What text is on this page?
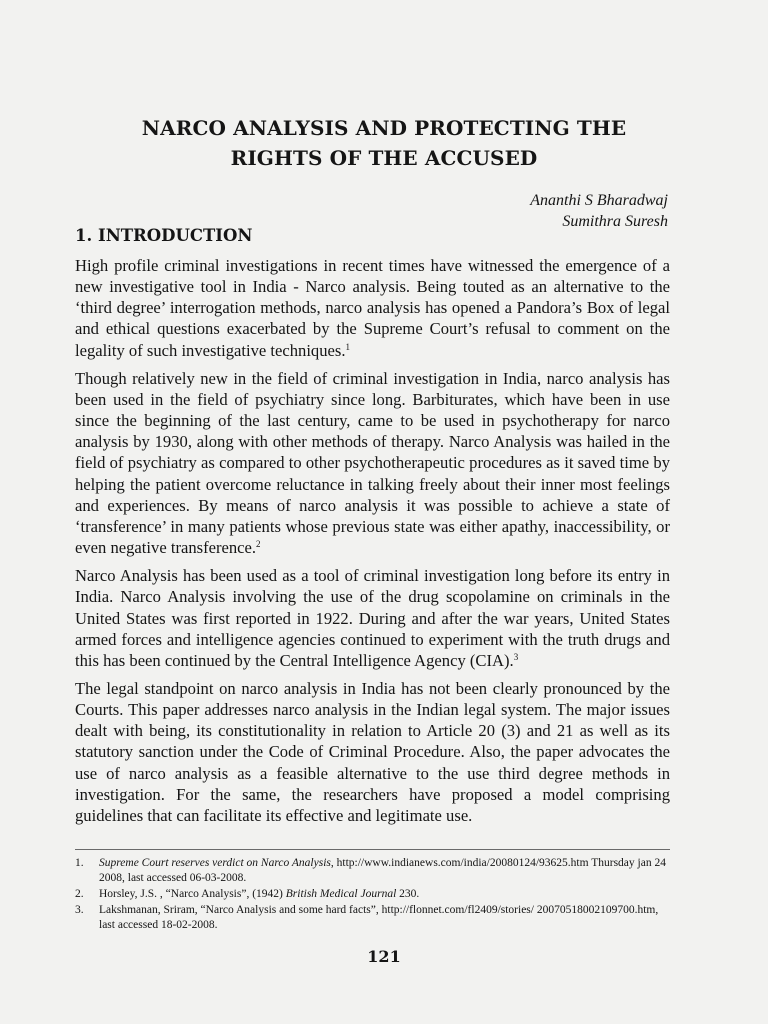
NARCO ANALYSIS AND PROTECTING THE
RIGHTS OF THE ACCUSED
Ananthi S Bharadwaj
Sumithra Suresh
1. INTRODUCTION

High profile criminal investigations in recent times have witnessed the emergence of a new investigative tool in India - Narco analysis. Being touted as an alternative to the ‘third degree’ interrogation methods, narco analysis has opened a Pandora’s Box of legal and ethical questions exacerbated by the Supreme Court’s refusal to comment on the legality of such investigative techniques.$^1$

Though relatively new in the field of criminal investigation in India, narco analysis has been used in the field of psychiatry since long. Barbiturates, which have been in use since the beginning of the last century, came to be used in psychotherapy for narco analysis by 1930, along with other methods of therapy. Narco Analysis was hailed in the field of psychiatry as compared to other psychotherapeutic procedures as it saved time by helping the patient overcome reluctance in talking freely about their inner most feelings and experiences. By means of narco analysis it was possible to achieve a state of ‘transference’ in many patients whose previous state was either apathy, inaccessibility, or even negative transference.$^2$

Narco Analysis has been used as a tool of criminal investigation long before its entry in India. Narco Analysis involving the use of the drug scopolamine on criminals in the United States was first reported in 1922. During and after the war years, United States armed forces and intelligence agencies continued to experiment with the truth drugs and this has been continued by the Central Intelligence Agency (CIA).$^3$

The legal standpoint on narco analysis in India has not been clearly pronounced by the Courts. This paper addresses narco analysis in the Indian legal system. The major issues dealt with being, its constitutionality in relation to Article 20 (3) and 21 as well as its statutory sanction under the Code of Criminal Procedure. Also, the paper advocates the use of narco analysis as a feasible alternative to the use third degree methods in investigation. For the same, the researchers have proposed a model comprising guidelines that can facilitate its effective and legitimate use.

1.	Supreme Court reserves verdict on Narco Analysis, http://www.indianews.com/india/20080124/93625.htm Thursday jan 24 2008, last accessed 06-03-2008.
2.	Horsley, J.S. , “Narco Analysis”, (1942) British Medical Journal 230.
3.	Lakshmanan, Sriram, “Narco Analysis and some hard facts”, http://flonnet.com/fl2409/stories/ 20070518002109700.htm, last accessed 18-02-2008.
121
